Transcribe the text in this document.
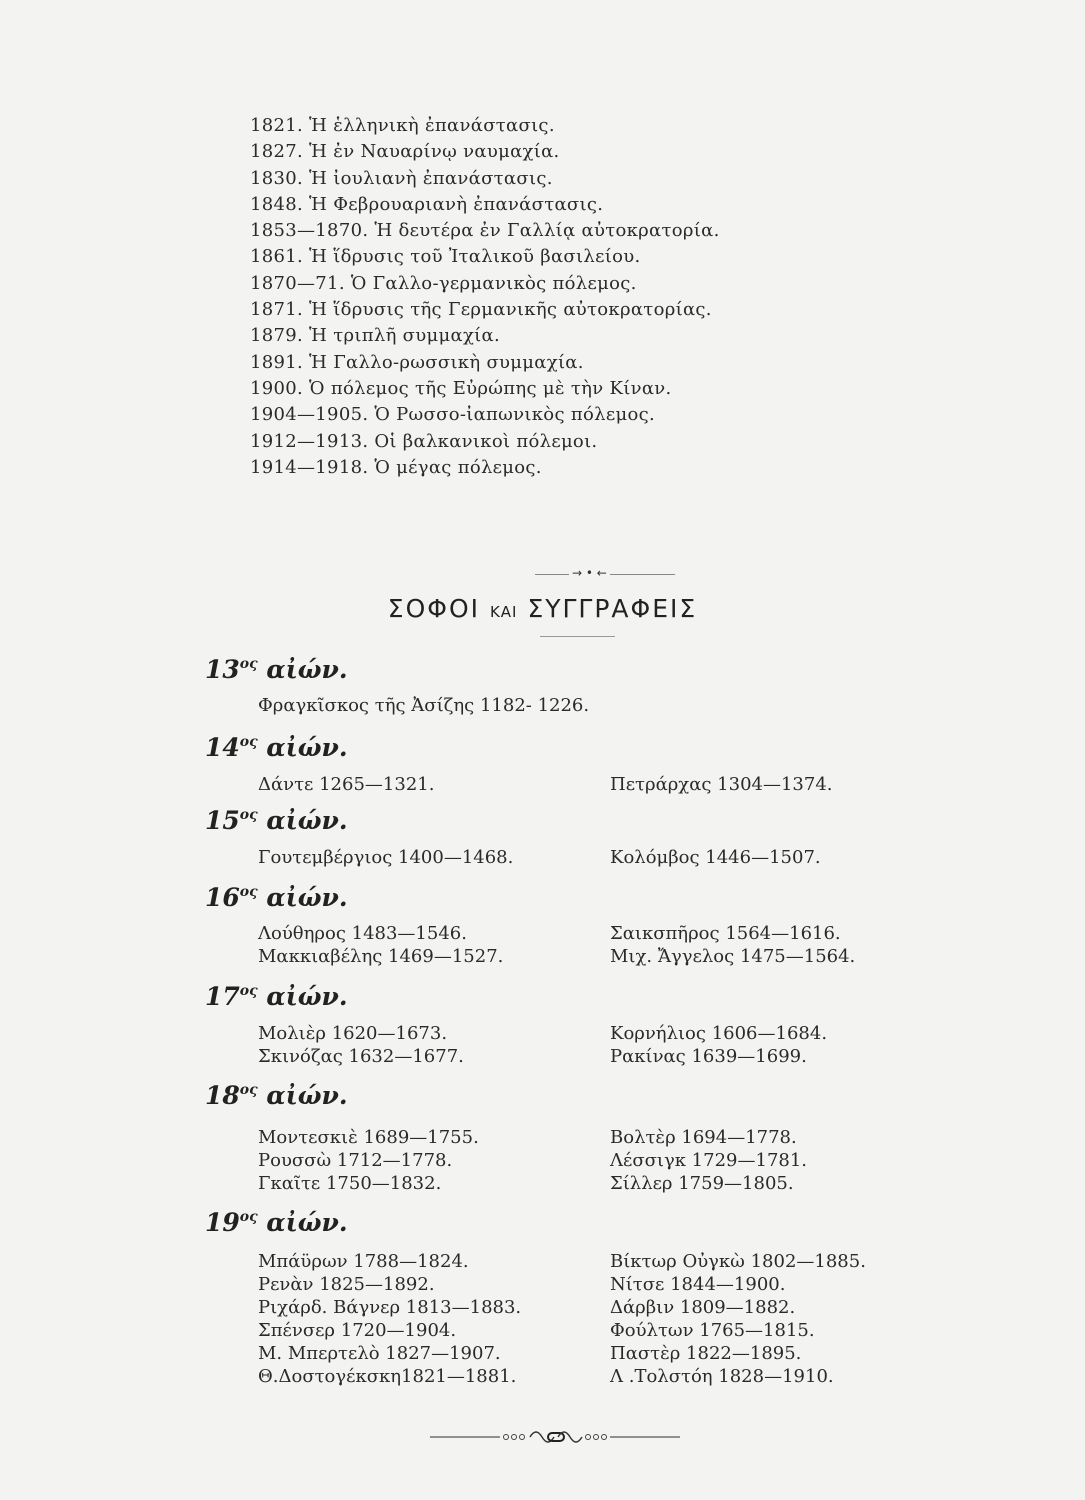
1821. Ἡ ἑλληνικὴ ἐπανάστασις.
1827. Ἡ ἐν Ναυαρίνῳ ναυμαχία.
1830. Ἡ ἰουλιανὴ ἐπανάστασις.
1848. Ἡ Φεβρουαριανὴ ἐπανάστασις.
1853—1870. Ἡ δευτέρα ἐν Γαλλίᾳ αὐτοκρατορία.
1861. Ἡ ἵδρυσις τοῦ Ἰταλικοῦ βασιλείου.
1870—71. Ὁ Γαλλο-γερμανικὸς πόλεμος.
1871. Ἡ ἵδρυσις τῆς Γερμανικῆς αὐτοκρατορίας.
1879. Ἡ τριπλῆ συμμαχία.
1891. Ἡ Γαλλο-ρωσσικὴ συμμαχία.
1900. Ὁ πόλεμος τῆς Εὐρώπης μὲ τὴν Κίναν.
1904—1905. Ὁ Ρωσσο-ἰαπωνικὸς πόλεμος.
1912—1913. Οἱ βαλκανικοὶ πόλεμοι.
1914—1918. Ὁ μέγας πόλεμος.
→ • ←
ΣΟΦΟΙ ΚΑΙ ΣΥΓΓΡΑΦΕΙΣ
$13^{o\varsigma}$ αἰών.
Φραγκῖσκος τῆς Ἀσίζης 1182- 1226.
$14^{o\varsigma}$ αἰών.
Δάντε 1265—1321.	Πετράρχας 1304—1374.
$15^{o\varsigma}$ αἰών.
Γουτεμβέργιος 1400—1468.	Κολόμβος 1446—1507.
$16^{o\varsigma}$ αἰών.
Λούθηρος 1483—1546.	Σαικσπῆρος 1564—1616.
Μακκιαβέλης 1469—1527.	Μιχ. Ἄγγελος 1475—1564.
$17^{o\varsigma}$ αἰών.
Μολιὲρ 1620—1673.	Κορνήλιος 1606—1684.
Σκινόζας 1632—1677.	Ρακίνας 1639—1699.
$18^{o\varsigma}$ αἰών.
Μοντεσκιὲ 1689—1755.	Βολτὲρ 1694—1778.
Ρουσσὼ 1712—1778.	Λέσσιγκ 1729—1781.
Γκαῖτε 1750—1832.	Σίλλερ 1759—1805.
$19^{o\varsigma}$ αἰών.
Μπάϋρων 1788—1824.	Βίκτωρ Οὐγκὼ 1802—1885.
Ρενὰν 1825—1892.	Νίτσε 1844—1900.
Ριχάρδ. Βάγνερ 1813—1883.	Δάρβιν 1809—1882.
Σπένσερ 1720—1904.	Φούλτων 1765—1815.
Μ. Μπερτελὸ 1827—1907.	Παστὲρ 1822—1895.
Θ.Δοστογέκσκη1821—1881.	Λ .Τολστόη 1828—1910.
